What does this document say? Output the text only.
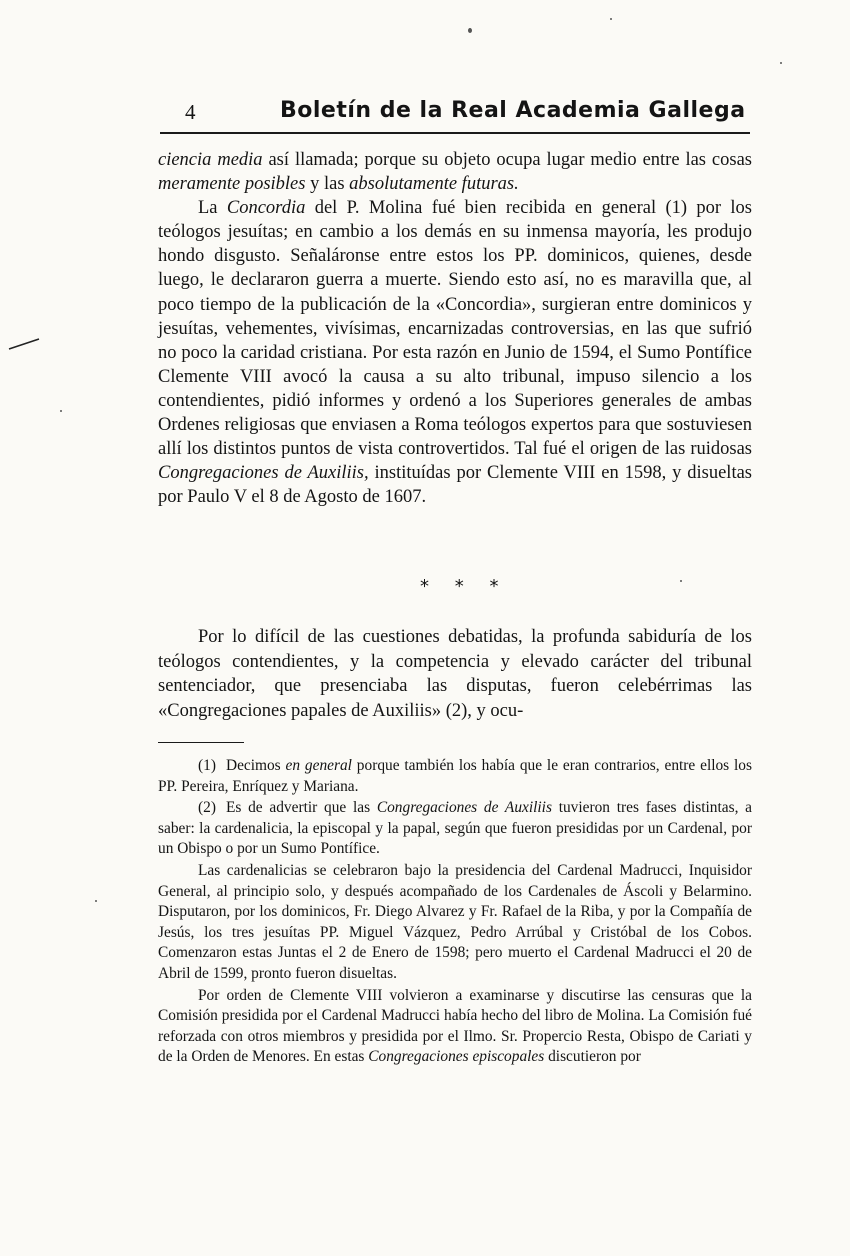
4	Boletín de la Real Academia Gallega

ciencia media así llamada; porque su objeto ocupa lugar medio entre las cosas meramente posibles y las absolutamente futuras.

La Concordia del P. Molina fué bien recibida en general (1) por los teólogos jesuítas; en cambio a los demás en su inmensa mayoría, les produjo hondo disgusto. Señaláronse entre estos los PP. dominicos, quienes, desde luego, le declararon guerra a muerte. Siendo esto así, no es maravilla que, al poco tiempo de la publicación de la «Concordia», surgieran entre dominicos y jesuítas, vehementes, vivísimas, encarnizadas controversias, en las que sufrió no poco la caridad cristiana. Por esta razón en Junio de 1594, el Sumo Pontífice Clemente VIII avocó la causa a su alto tribunal, impuso silencio a los contendientes, pidió informes y ordenó a los Superiores generales de ambas Ordenes religiosas que enviasen a Roma teólogos expertos para que sostuviesen allí los distintos puntos de vista controvertidos. Tal fué el origen de las ruidosas Congregaciones de Auxiliis, instituídas por Clemente VIII en 1598, y disueltas por Paulo V el 8 de Agosto de 1607.

* * *

Por lo difícil de las cuestiones debatidas, la profunda sabiduría de los teólogos contendientes, y la competencia y elevado carácter del tribunal sentenciador, que presenciaba las disputas, fueron celebérrimas las «Congregaciones papales de Auxiliis» (2), y ocu-

(1) Decimos en general porque también los había que le eran contrarios, entre ellos los PP. Pereira, Enríquez y Mariana.

(2) Es de advertir que las Congregaciones de Auxiliis tuvieron tres fases distintas, a saber: la cardenalicia, la episcopal y la papal, según que fueron presididas por un Cardenal, por un Obispo o por un Sumo Pontífice.

Las cardenalicias se celebraron bajo la presidencia del Cardenal Madrucci, Inquisidor General, al principio solo, y después acompañado de los Cardenales de Áscoli y Belarmino. Disputaron, por los dominicos, Fr. Diego Alvarez y Fr. Rafael de la Riba, y por la Compañía de Jesús, los tres jesuítas PP. Miguel Vázquez, Pedro Arrúbal y Cristóbal de los Cobos. Comenzaron estas Juntas el 2 de Enero de 1598; pero muerto el Cardenal Madrucci el 20 de Abril de 1599, pronto fueron disueltas.

Por orden de Clemente VIII volvieron a examinarse y discutirse las censuras que la Comisión presidida por el Cardenal Madrucci había hecho del libro de Molina. La Comisión fué reforzada con otros miembros y presidida por el Ilmo. Sr. Propercio Resta, Obispo de Cariati y de la Orden de Menores. En estas Congregaciones episcopales discutieron por
